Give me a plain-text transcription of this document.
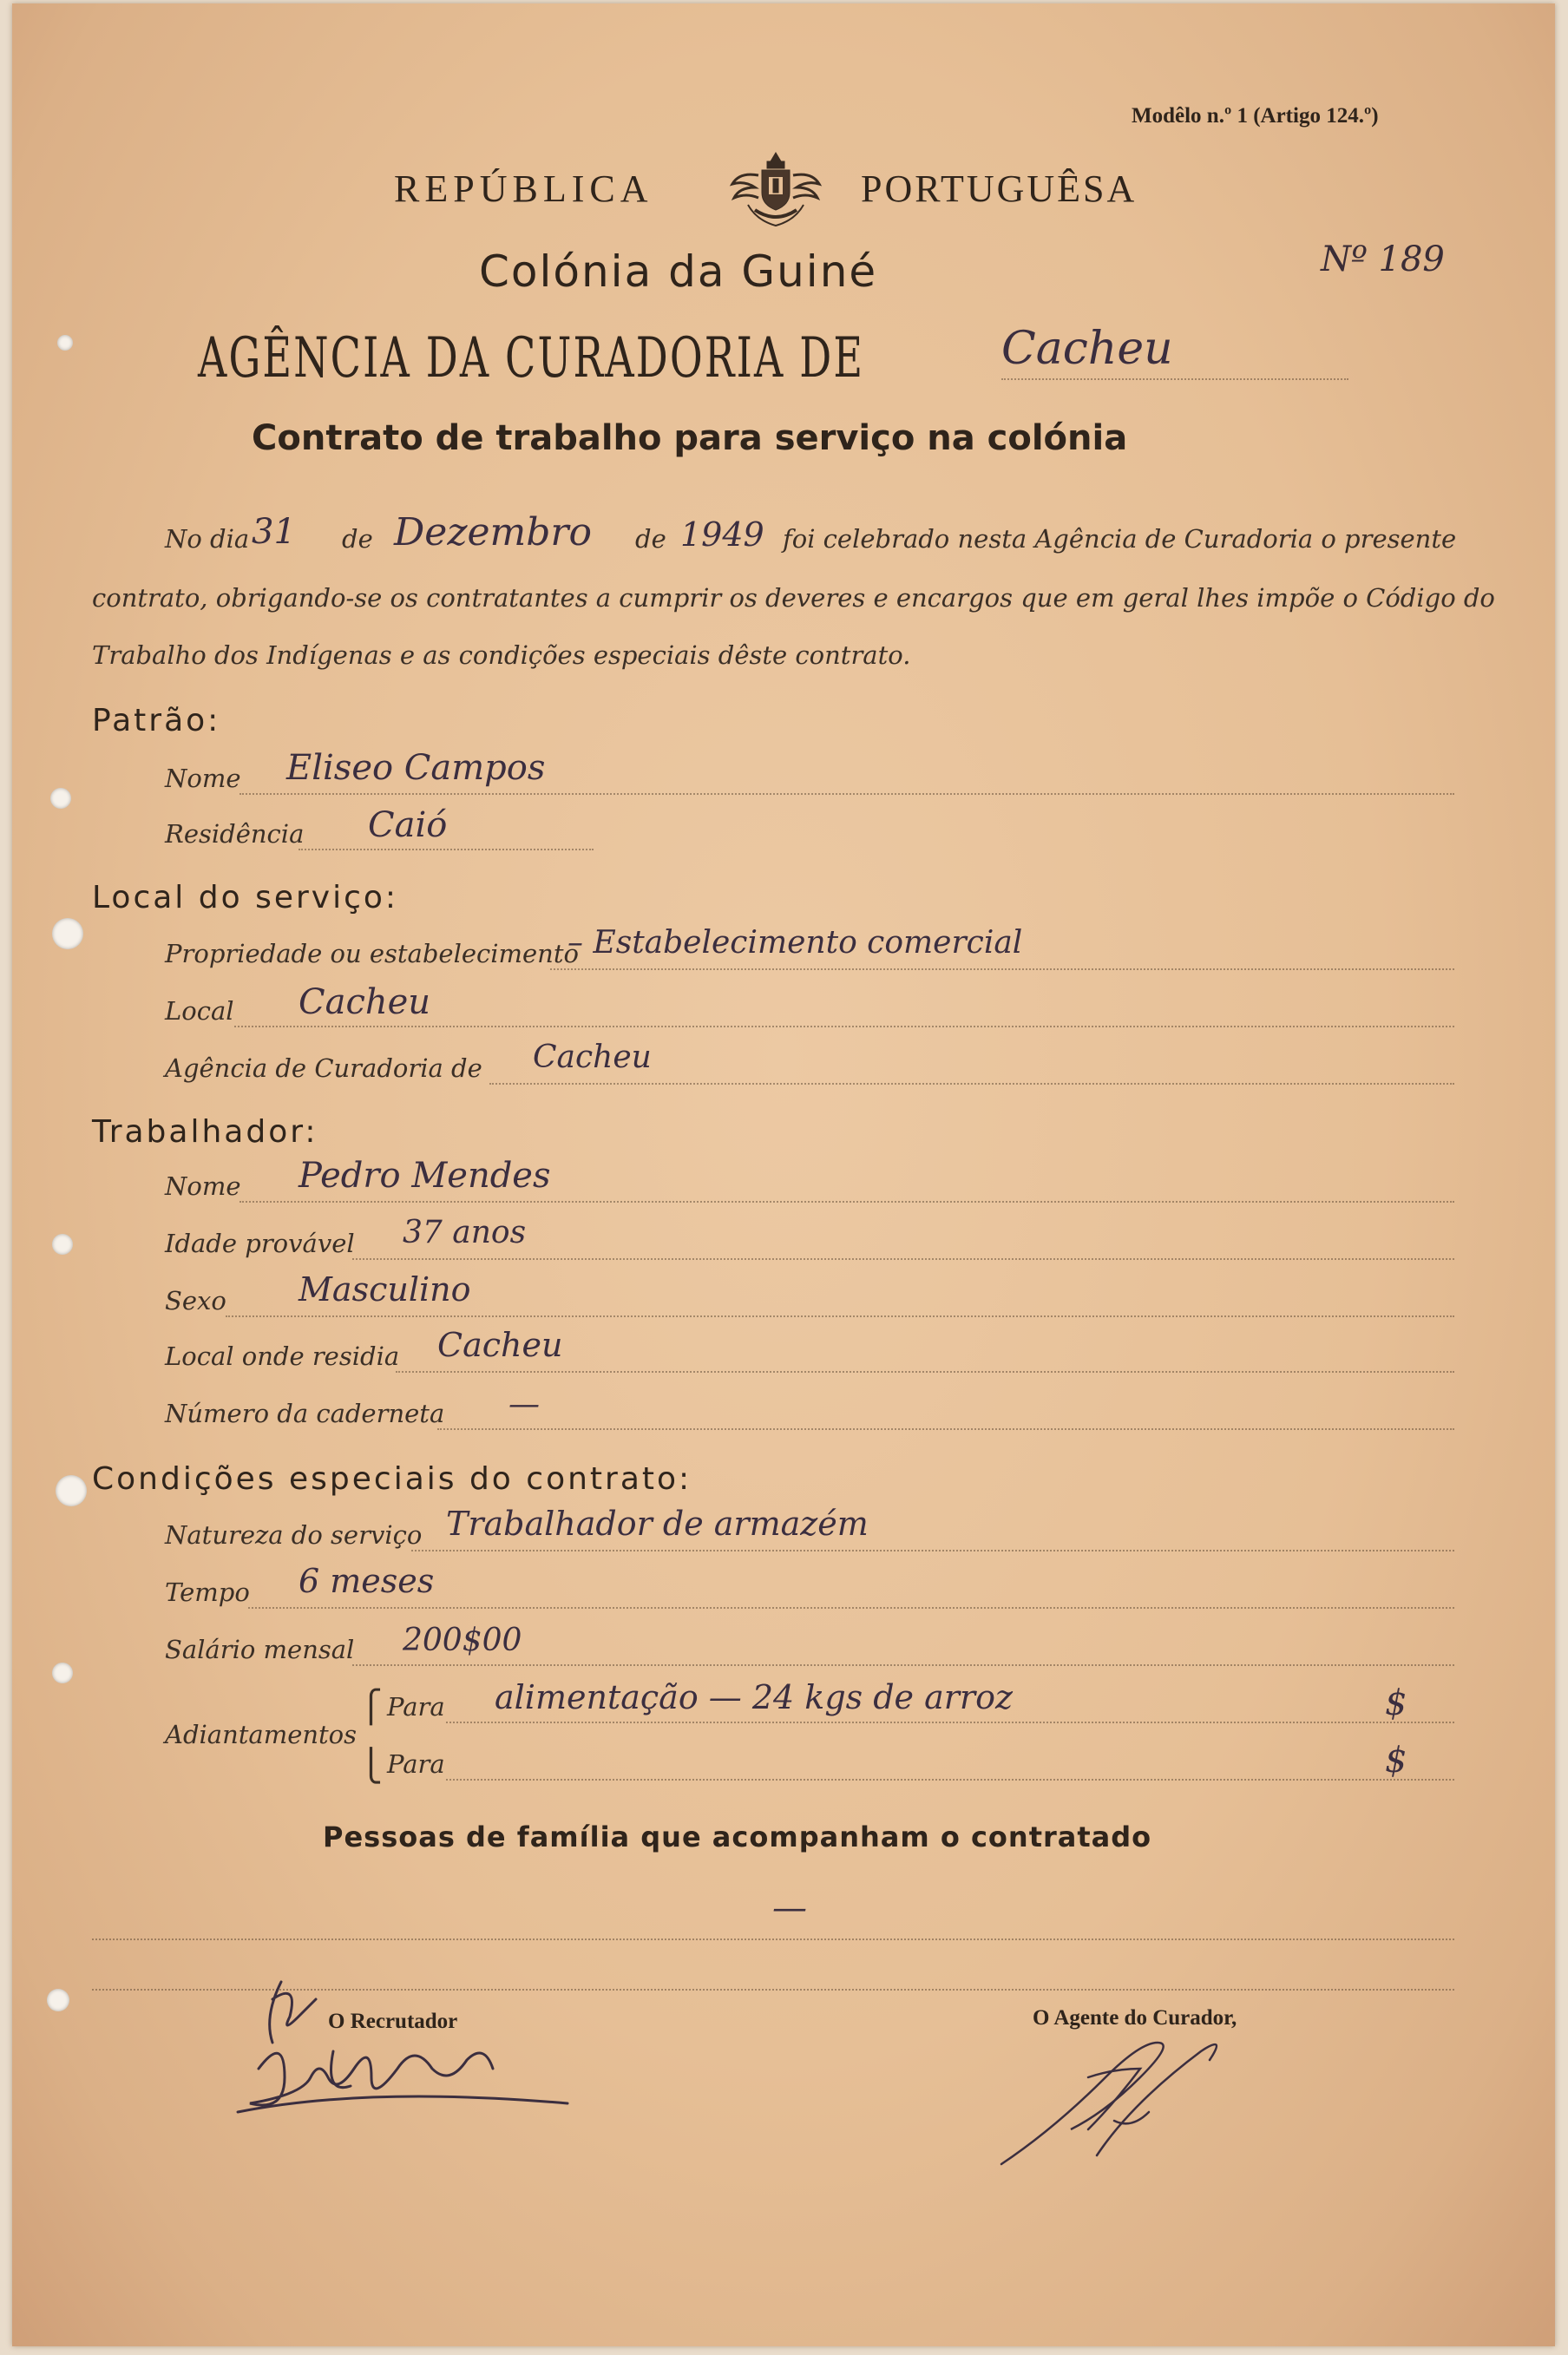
Modêlo n.º 1 (Artigo 124.º)
REPÚBLICA	PORTUGUÊSA
Colónia da Guiné	Nº 189
AGÊNCIA DA CURADORIA DE	Cacheu
Contrato de trabalho para serviço na colónia
No dia 31 de Dezembro de 1949 foi celebrado nesta Agência de Curadoria o presente
contrato, obrigando-se os contratantes a cumprir os deveres e encargos que em geral lhes impõe o Código do
Trabalho dos Indígenas e as condições especiais dêste contrato.
Patrão:
Nome Eliseo Campos
Residência Caió
Local do serviço:
Propriedade ou estabelecimento
– Estabelecimento comercial
Local Cacheu
Agência de Curadoria de Cacheu
Trabalhador:
Nome Pedro Mendes
Idade provável 37 anos
Sexo Masculino
Local onde residia Cacheu
Número da caderneta —
Condições especiais do contrato:
Natureza do serviço Trabalhador de armazém
Tempo 6 meses
Salário mensal 200$00
Adiantamentos
⎧
⎩
Para alimentação — 24 kgs de arroz	$
Para	$
Pessoas de família que acompanham o contratado
—
O Recrutador	O Agente do Curador,
